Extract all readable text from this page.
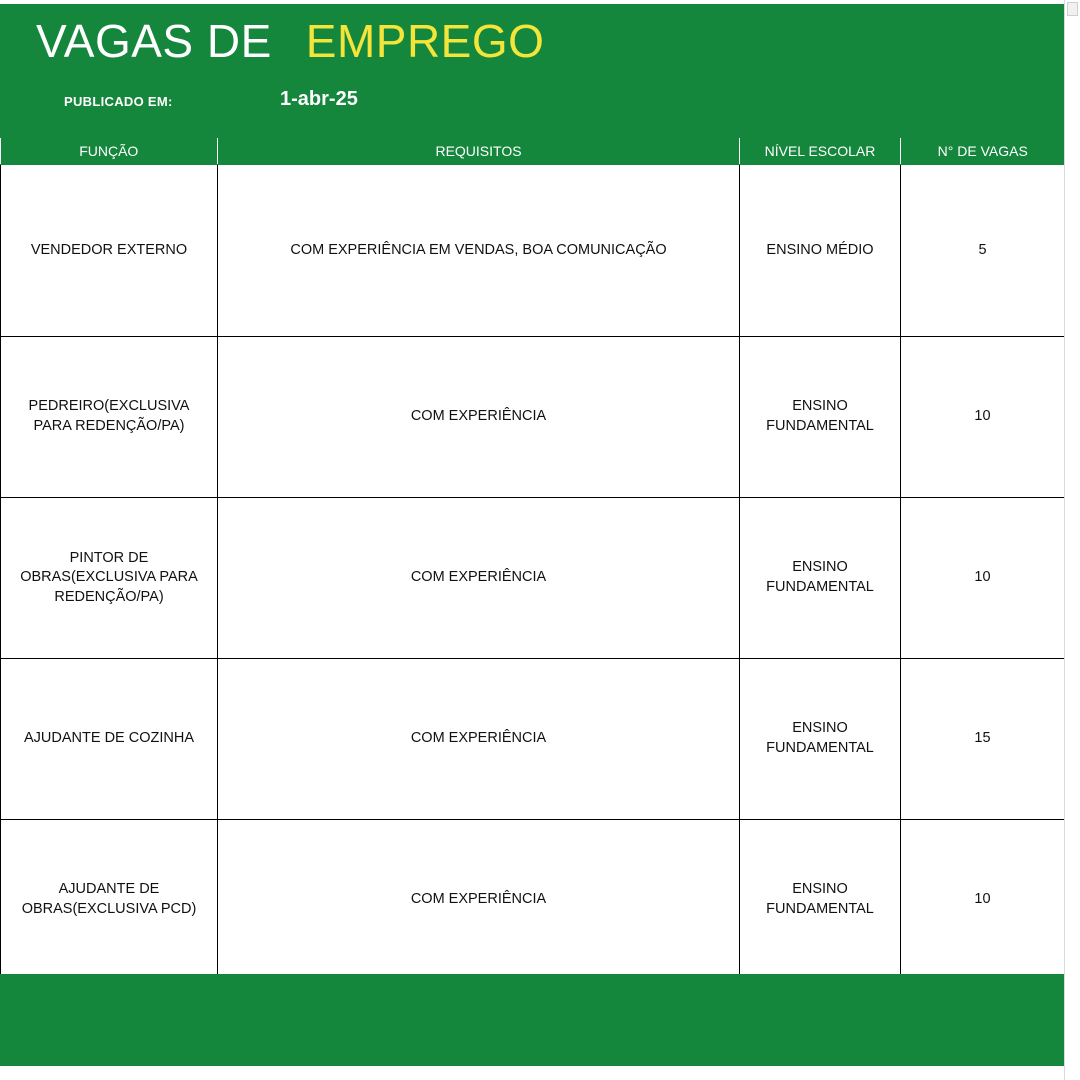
VAGAS DE EMPREGO
PUBLICADO EM:	1-abr-25
FUNÇÃO	REQUISITOS	NÍVEL ESCOLAR	N° DE VAGAS
VENDEDOR EXTERNO	COM EXPERIÊNCIA EM VENDAS, BOA COMUNICAÇÃO	ENSINO MÉDIO	5
PEDREIRO(EXCLUSIVA PARA REDENÇÃO/PA)	COM EXPERIÊNCIA	ENSINO FUNDAMENTAL	10
PINTOR DE OBRAS(EXCLUSIVA PARA REDENÇÃO/PA)	COM EXPERIÊNCIA	ENSINO FUNDAMENTAL	10
AJUDANTE DE COZINHA	COM EXPERIÊNCIA	ENSINO FUNDAMENTAL	15
AJUDANTE DE OBRAS(EXCLUSIVA PCD)	COM EXPERIÊNCIA	ENSINO FUNDAMENTAL	10
